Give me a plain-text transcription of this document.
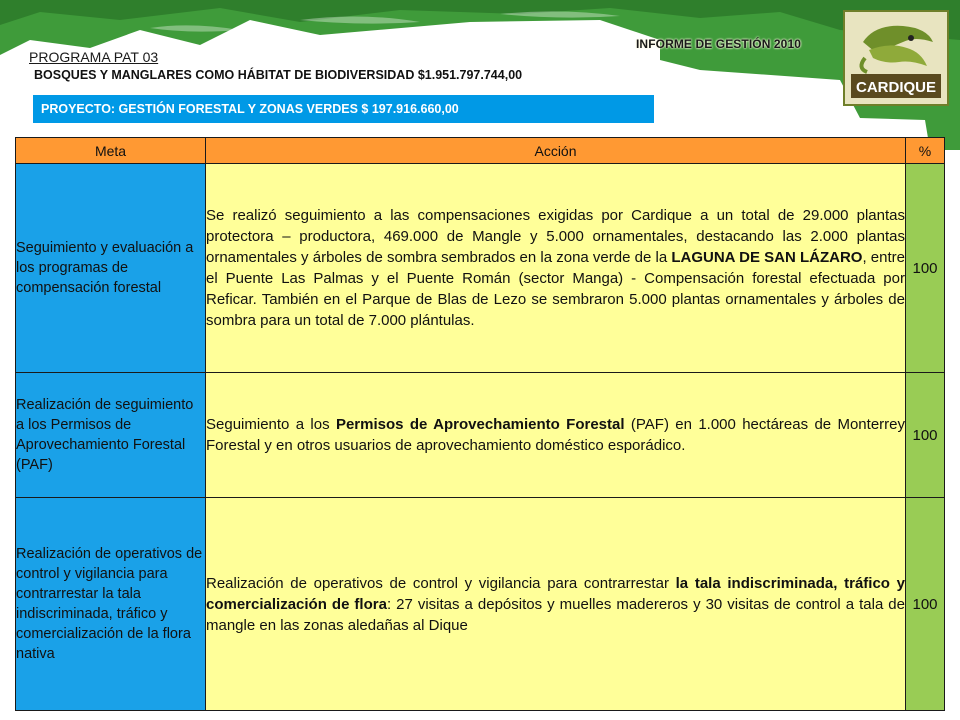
INFORME DE GESTIÓN 2010
CARDIQUE
PROGRAMA PAT 03
BOSQUES Y MANGLARES COMO HÁBITAT DE BIODIVERSIDAD $1.951.797.744,00
PROYECTO: GESTIÓN FORESTAL Y ZONAS VERDES $ 197.916.660,00
Meta	Acción	%
Seguimiento y evaluación a los programas de compensación forestal	Se realizó seguimiento a las compensaciones exigidas por Cardique a un total de 29.000 plantas protectora – productora, 469.000 de Mangle y 5.000 ornamentales, destacando las 2.000 plantas ornamentales y árboles de sombra sembrados en la zona verde de la LAGUNA DE SAN LÁZARO, entre el Puente Las Palmas y el Puente Román (sector Manga) - Compensación forestal efectuada por Reficar. También en el Parque de Blas de Lezo se sembraron 5.000 plantas ornamentales y árboles de sombra para un total de 7.000 plántulas.	100
Realización de seguimiento a los Permisos de Aprovechamiento Forestal (PAF)	Seguimiento a los Permisos de Aprovechamiento Forestal (PAF) en 1.000 hectáreas de Monterrey Forestal y en otros usuarios de aprovechamiento doméstico esporádico.	100
Realización de operativos de control y vigilancia para contrarrestar la tala indiscriminada, tráfico y comercialización de la flora nativa	Realización de operativos de control y vigilancia para contrarrestar la tala indiscriminada, tráfico y comercialización de flora: 27 visitas a depósitos y muelles madereros y 30 visitas de control a tala de mangle en las zonas aledañas al Dique	100
